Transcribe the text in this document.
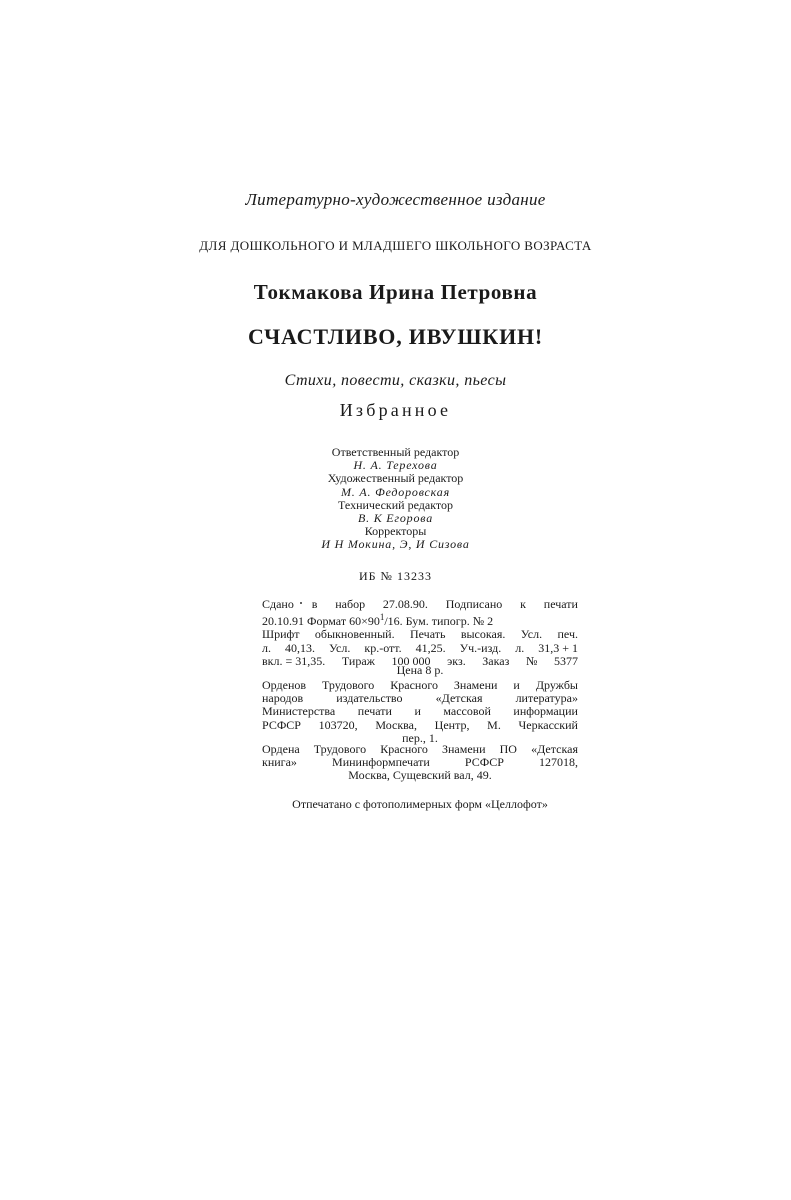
Литературно-художественное издание
ДЛЯ ДОШКОЛЬНОГО И МЛАДШЕГО ШКОЛЬНОГО ВОЗРАСТА
Токмакова Ирина Петровна
СЧАСТЛИВО, ИВУШКИН!
Стихи, повести, сказки, пьесы
Избранное
Ответственный редактор
Н. А. Терехова
Художественный редактор
М. А. Федоровская
Технический редактор
В. К Егорова
Корректоры
И Н Мокина, Э, И Сизова
ИБ № 13233
Сдано в набор 27.08.90. Подписано к печати
20.10.91 Формат $60\times 90^1/16$. Бум. типогр. № 2
Шрифт обыкновенный. Печать высокая. Усл. печ.
л. 40,13. Усл. кр.-отт. 41,25. Уч.-изд. л. 31,3 + 1
вкл. = 31,35. Тираж 100 000 экз. Заказ № 5377
Цена 8 р.
Орденов Трудового Красного Знамени и Дружбы
народов	издательство	«Детская	литература»
Министерства печати и массовой информации
РСФСР 103720, Москва, Центр, М. Черкасский
пер., 1.
Ордена Трудового Красного Знамени ПО «Детская
книга»	Мининформпечати	РСФСР	127018,
Москва, Сущевский вал, 49.
Отпечатано с фотополимерных форм «Целлофот»
